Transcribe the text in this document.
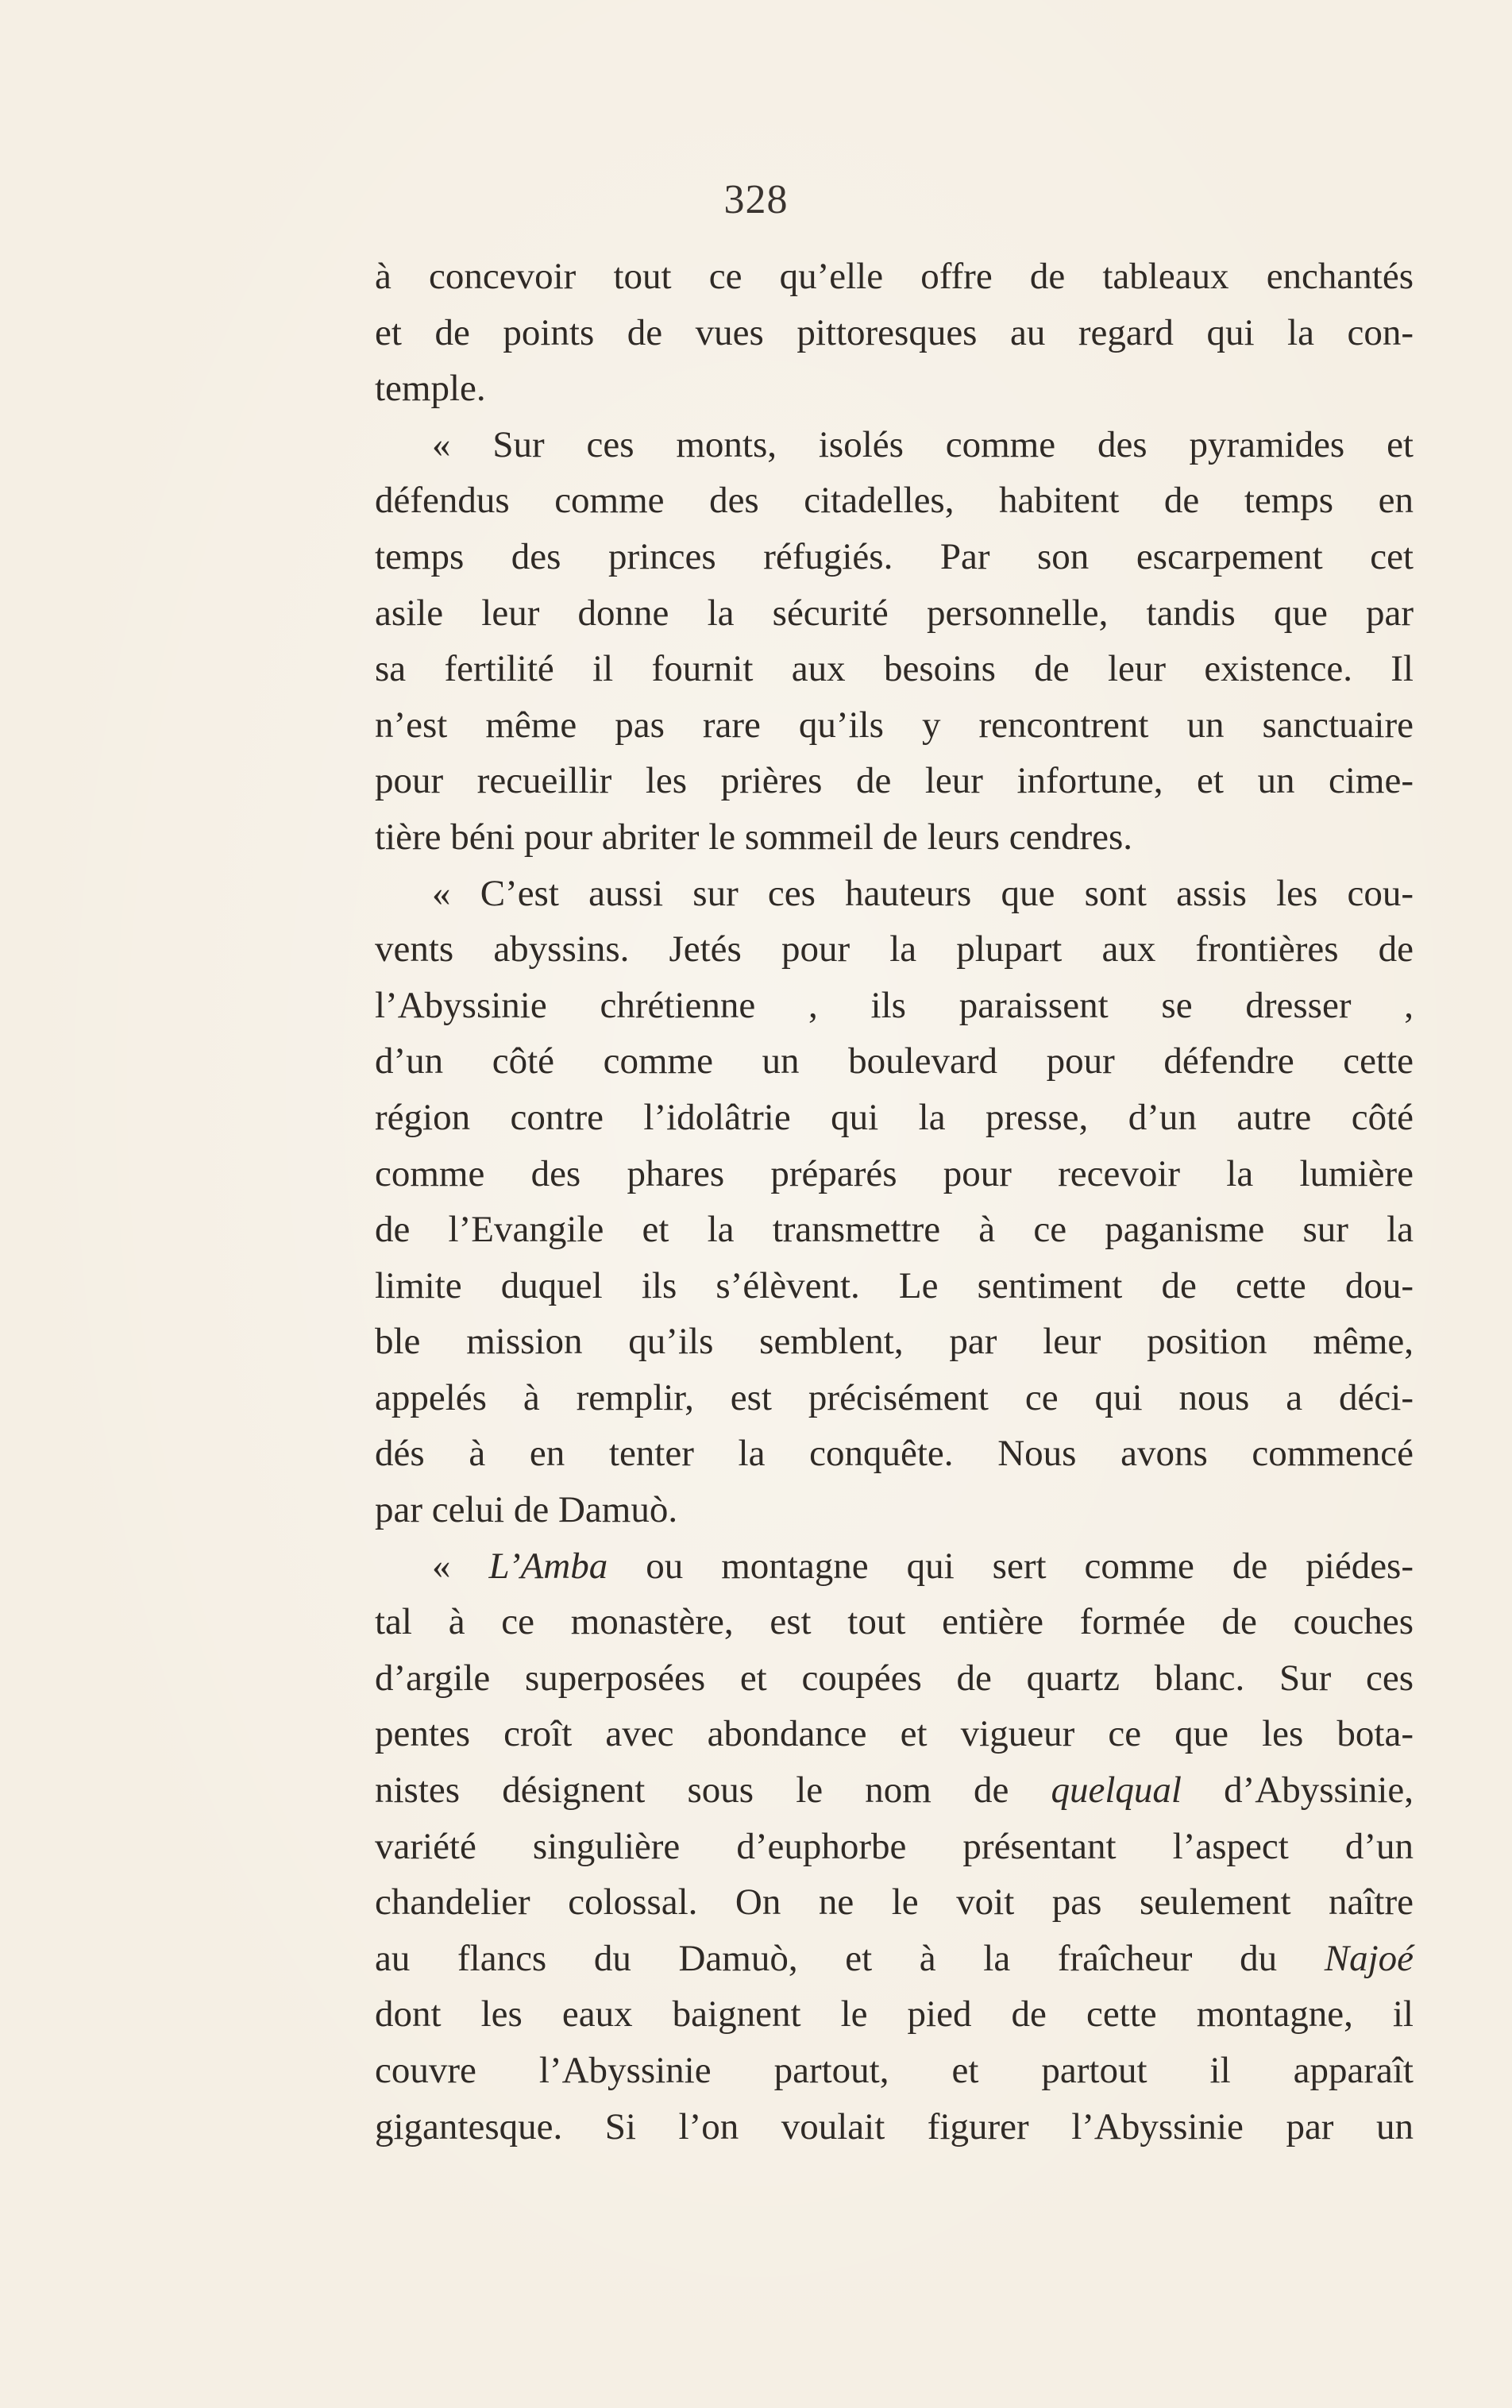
328
à concevoir tout ce qu’elle offre de tableaux enchantés
et de points de vues pittoresques au regard qui la con-
temple.
« Sur ces monts, isolés comme des pyramides et
défendus comme des citadelles, habitent de temps en
temps des princes réfugiés. Par son escarpement cet
asile leur donne la sécurité personnelle, tandis que par
sa fertilité il fournit aux besoins de leur existence. Il
n’est même pas rare qu’ils y rencontrent un sanctuaire
pour recueillir les prières de leur infortune, et un cime-
tière béni pour abriter le sommeil de leurs cendres.
« C’est aussi sur ces hauteurs que sont assis les cou-
vents abyssins. Jetés pour la plupart aux frontières de
l’Abyssinie chrétienne , ils paraissent se dresser ,
d’un côté comme un boulevard pour défendre cette
région contre l’idolâtrie qui la presse, d’un autre côté
comme des phares préparés pour recevoir la lumière
de l’Evangile et la transmettre à ce paganisme sur la
limite duquel ils s’élèvent. Le sentiment de cette dou-
ble mission qu’ils semblent, par leur position même,
appelés à remplir, est précisément ce qui nous a déci-
dés à en tenter la conquête. Nous avons commencé
par celui de Damuò.
« L’Amba ou montagne qui sert comme de piédes-
tal à ce monastère, est tout entière formée de couches
d’argile superposées et coupées de quartz blanc. Sur ces
pentes croît avec abondance et vigueur ce que les bota-
nistes désignent sous le nom de quelqual d’Abyssinie,
variété singulière d’euphorbe présentant l’aspect d’un
chandelier colossal. On ne le voit pas seulement naître
au flancs du Damuò, et à la fraîcheur du Najoé
dont les eaux baignent le pied de cette montagne, il
couvre l’Abyssinie partout, et partout il apparaît
gigantesque. Si l’on voulait figurer l’Abyssinie par un
